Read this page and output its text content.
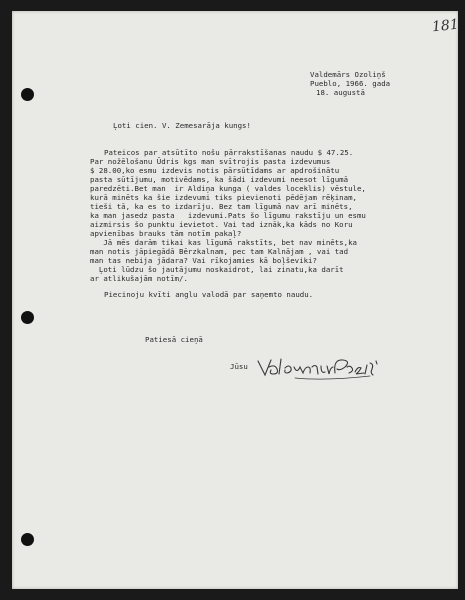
181
Valdemārs Ozoliņš
Pueblo, 1966. gada
18. augustā
Ļoti cien. V. Zemesarāja kungs!
Pateicos par atsūtīto nošu pārrakstīšanas naudu $ 47.25.
Par nožēlošanu Ūdris kgs man svītrojis pasta izdevumus
$ 28.00,ko esmu izdevis notis pārsūtīdams ar apdrošinātu
pasta sūtījumu, motivēdams, ka šādi izdevumi neesot līgumā
paredzēti.Bet man  ir Aldiņa kunga ( valdes loceklis) vēstule,
kurā minēts ka šie izdevumi tiks pievienoti pēdējam rēķinam,
tieši tā, ka es to izdarīju. Bez tam līgumā nav arī minēts,
ka man jasedz pasta   izdevumi.Pats šo līgumu rakstīju un esmu
aizmirsis šo punktu ievietot. Vai tad iznāk,ka kāds no Koru
apvienības brauks tām notīm pakaļ?
Jā mēs darām tikai kas līgumā rakstīts, bet nav minēts,ka
man notis jāpiegādā Bērzkalnam, pec tam Kalnājam , vai tad
man tas nebija jādara? Vai rīkojamies kā boļševiki?
Ļoti lūdzu šo jautājumu noskaidrot, lai zinatu,ka darīt
ar atlikušajām notīm/.
Piecinoju kvīti anglu valodā par saņemto naudu.
Patiesā cieņā
Jūsu
